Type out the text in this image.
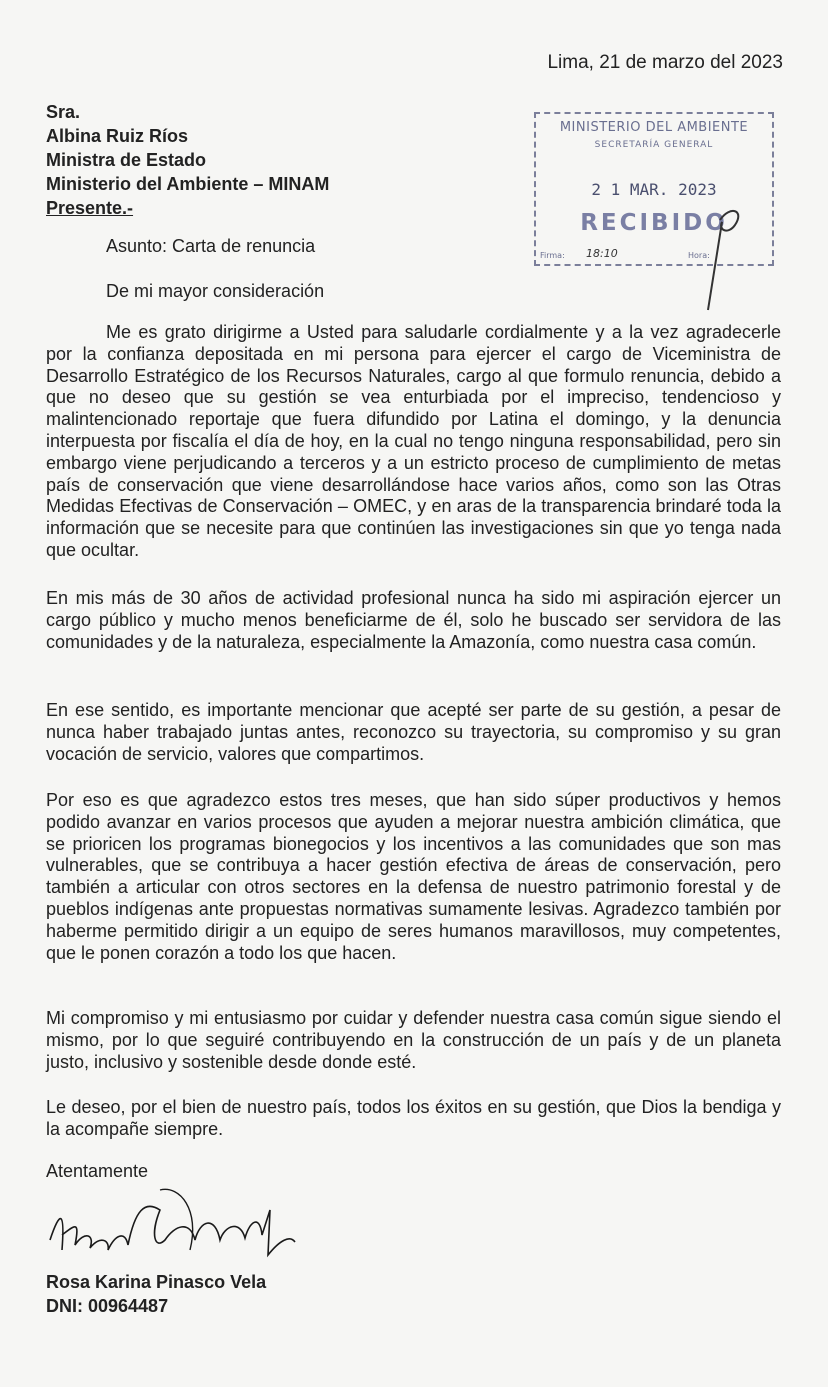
Lima, 21 de marzo del 2023
Sra.
Albina Ruiz Ríos
Ministra de Estado
Ministerio del Ambiente – MINAM
Presente.-
MINISTERIO DEL AMBIENTE
SECRETARÍA GENERAL
2 1 MAR. 2023
RECIBIDO
Firma: 18:10	Hora:
Asunto: Carta de renuncia
De mi mayor consideración

Me es grato dirigirme a Usted para saludarle cordialmente y a la vez agradecerle por la confianza depositada en mi persona para ejercer el cargo de Viceministra de Desarrollo Estratégico de los Recursos Naturales, cargo al que formulo renuncia, debido a que no deseo que su gestión se vea enturbiada por el impreciso, tendencioso y malintencionado reportaje que fuera difundido por Latina el domingo, y la denuncia interpuesta por fiscalía el día de hoy, en la cual no tengo ninguna responsabilidad, pero sin embargo viene perjudicando a terceros y a un estricto proceso de cumplimiento de metas país de conservación que viene desarrollándose hace varios años, como son las Otras Medidas Efectivas de Conservación – OMEC, y en aras de la transparencia brindaré toda la información que se necesite para que continúen las investigaciones sin que yo tenga nada que ocultar.

En mis más de 30 años de actividad profesional nunca ha sido mi aspiración ejercer un cargo público y mucho menos beneficiarme de él, solo he buscado ser servidora de las comunidades y de la naturaleza, especialmente la Amazonía, como nuestra casa común.

En ese sentido, es importante mencionar que acepté ser parte de su gestión, a pesar de nunca haber trabajado juntas antes, reconozco su trayectoria, su compromiso y su gran vocación de servicio, valores que compartimos.

Por eso es que agradezco estos tres meses, que han sido súper productivos y hemos podido avanzar en varios procesos que ayuden a mejorar nuestra ambición climática, que se prioricen los programas bionegocios y los incentivos a las comunidades que son mas vulnerables, que se contribuya a hacer gestión efectiva de áreas de conservación, pero también a articular con otros sectores en la defensa de nuestro patrimonio forestal y de pueblos indígenas ante propuestas normativas sumamente lesivas. Agradezco también por haberme permitido dirigir a un equipo de seres humanos maravillosos, muy competentes, que le ponen corazón a todo los que hacen.

Mi compromiso y mi entusiasmo por cuidar y defender nuestra casa común sigue siendo el mismo, por lo que seguiré contribuyendo en la construcción de un país y de un planeta justo, inclusivo y sostenible desde donde esté.

Le deseo, por el bien de nuestro país, todos los éxitos en su gestión, que Dios la bendiga y la acompañe siempre.

Atentamente
Rosa Karina Pinasco Vela
DNI: 00964487
